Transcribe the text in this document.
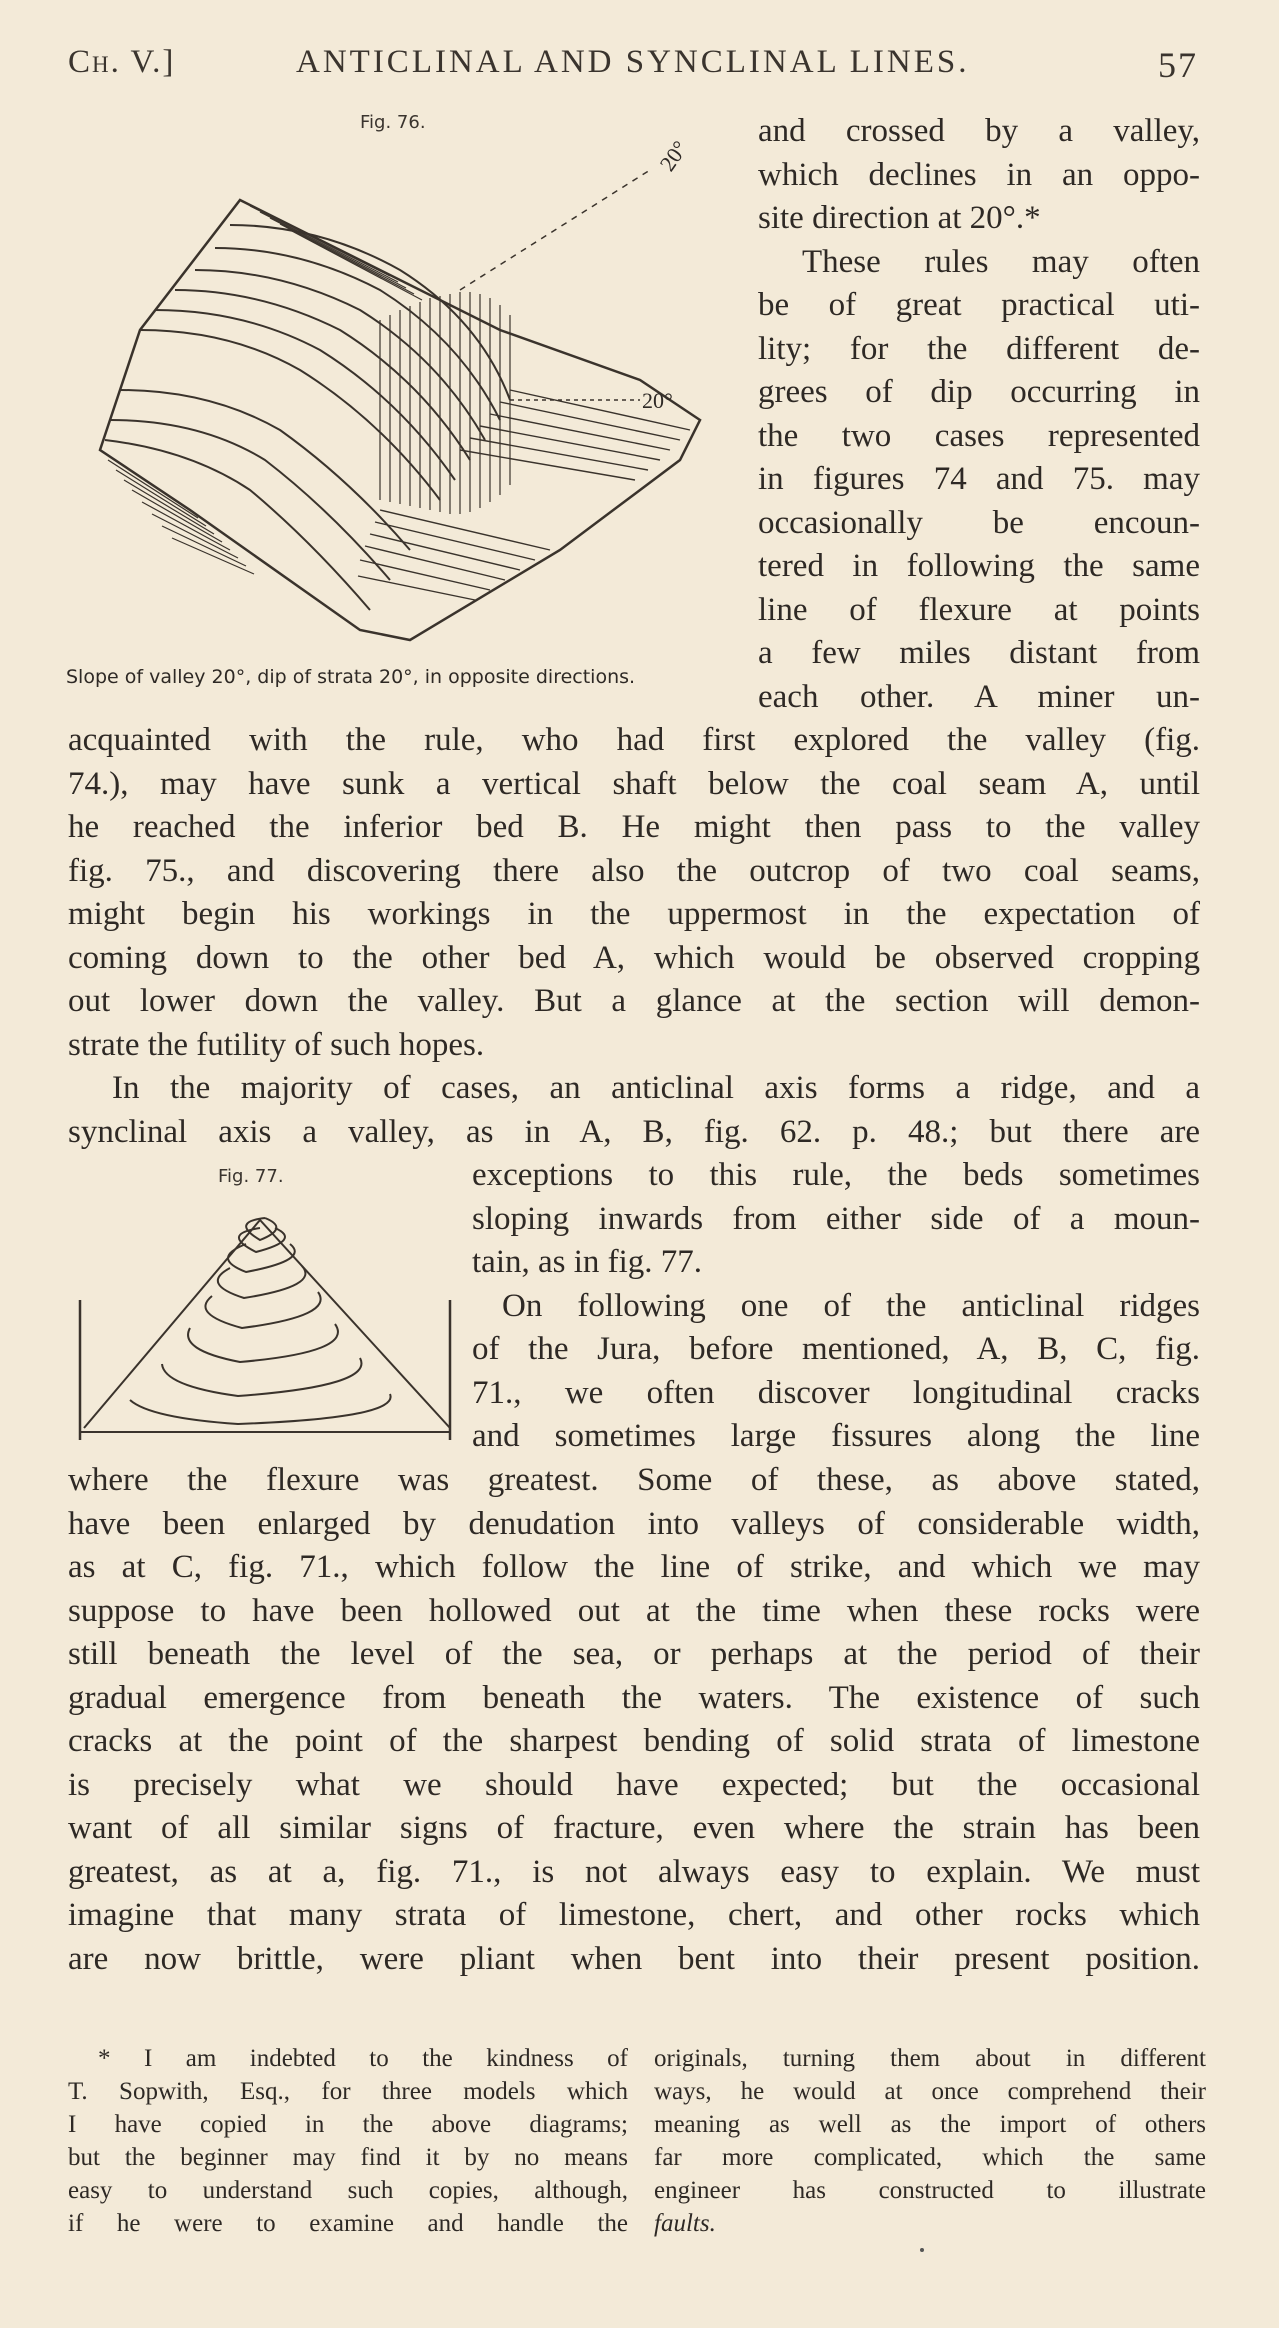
Ch. V.]	ANTICLINAL AND SYNCLINAL LINES.	57
Fig. 76.
20°
20°
Slope of valley 20°, dip of strata 20°, in opposite directions.
and crossed by a valley,
which declines in an oppo-
site direction at 20°.*
These rules may often
be of great practical uti-
lity; for the different de-
grees of dip occurring in
the two cases represented
in figures 74 and 75. may
occasionally be encoun-
tered in following the same
line of flexure at points
a few miles distant from
each other. A miner un-
acquainted with the rule, who had first explored the valley (fig.
74.), may have sunk a vertical shaft below the coal seam A, until
he reached the inferior bed B. He might then pass to the valley
fig. 75., and discovering there also the outcrop of two coal seams,
might begin his workings in the uppermost in the expectation of
coming down to the other bed A, which would be observed cropping
out lower down the valley. But a glance at the section will demon-
strate the futility of such hopes.
In the majority of cases, an anticlinal axis forms a ridge, and a
synclinal axis a valley, as in A, B, fig. 62. p. 48.; but there are
Fig. 77.	exceptions to this rule, the beds sometimes
sloping inwards from either side of a moun-
tain, as in fig. 77.
On following one of the anticlinal ridges
of the Jura, before mentioned, A, B, C, fig.
71., we often discover longitudinal cracks
and sometimes large fissures along the line
where the flexure was greatest. Some of these, as above stated,
have been enlarged by denudation into valleys of considerable width,
as at C, fig. 71., which follow the line of strike, and which we may
suppose to have been hollowed out at the time when these rocks were
still beneath the level of the sea, or perhaps at the period of their
gradual emergence from beneath the waters. The existence of such
cracks at the point of the sharpest bending of solid strata of limestone
is precisely what we should have expected; but the occasional
want of all similar signs of fracture, even where the strain has been
greatest, as at a, fig. 71., is not always easy to explain. We must
imagine that many strata of limestone, chert, and other rocks which
are now brittle, were pliant when bent into their present position.
* I am indebted to the kindness of
T. Sopwith, Esq., for three models which
I have copied in the above diagrams;
but the beginner may find it by no means
easy to understand such copies, although,
if he were to examine and handle the
originals, turning them about in different
ways, he would at once comprehend their
meaning as well as the import of others
far more complicated, which the same
engineer has constructed to illustrate
faults.
